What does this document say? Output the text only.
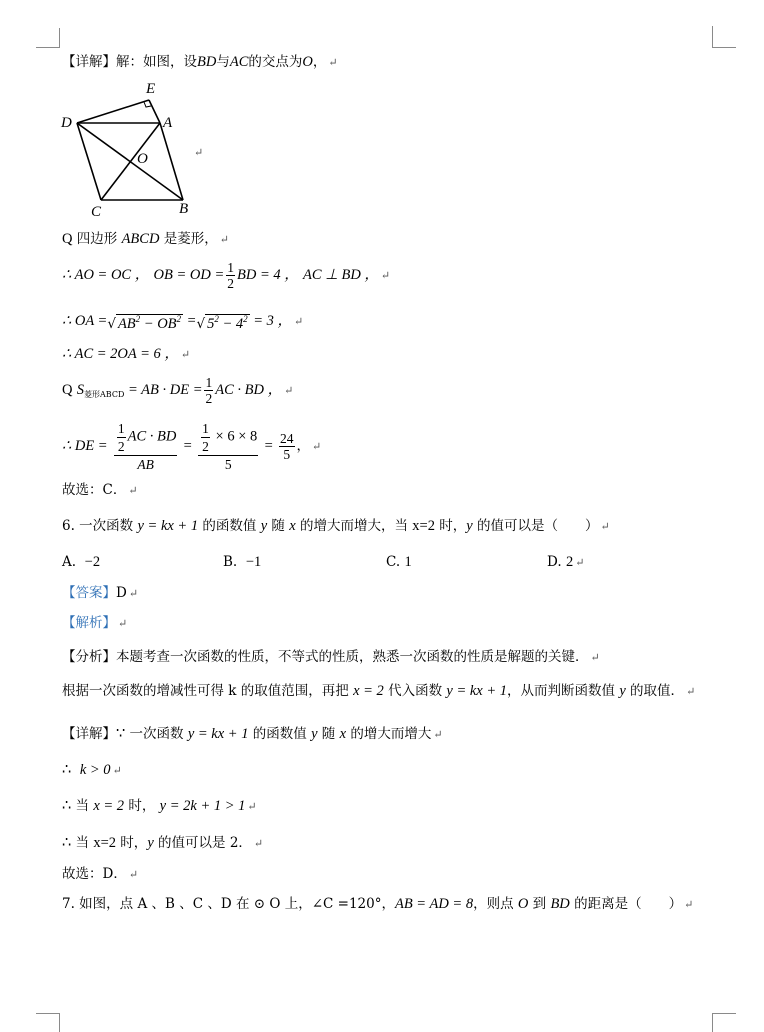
【详解】解：如图，设BD与AC的交点为O， ↵
E
D	A
O
C	B
↵
Q 四边形 ABCD 是菱形， ↵
∴ AO = OC ， OB = OD = $\frac{1}{2}$ BD = 4 ， AC ⊥ BD ， ↵
∴ OA =√ $AB^2 - OB^2$ =√ $5^2 - 4^2 = 3$ ， ↵
∴ AC = 2OA = 6 ， ↵
Q $S_{菱形ABCD}$ = AB · DE = $\frac{1}{2}$ AC · BD ， ↵
∴ DE = $\frac{\frac{1}{2} AC \cdot BD}{AB} = \frac{\frac{1}{2} \times 6 \times 8}{5} = \frac{24}{5}$ ， ↵
故选：C． ↵
6. 一次函数 y = kx + 1 的函数值 y 随 x 的增大而增大，当 x=2 时，y 的值可以是（　　） ↵
A. −2	B. −1	C. 1	D. 2 ↵
【答案】D ↵
【解析】 ↵
【分析】本题考查一次函数的性质，不等式的性质，熟悉一次函数的性质是解题的关键． ↵
根据一次函数的增减性可得 k 的取值范围，再把 x = 2 代入函数 y = kx + 1，从而判断函数值 y 的取值． ↵
【详解】∵ 一次函数 y = kx + 1 的函数值 y 随 x 的增大而增大 ↵
∴ k > 0 ↵
∴ 当 x = 2 时， y = 2k + 1 > 1 ↵
∴ 当 x=2 时，y 的值可以是 2． ↵
故选：D． ↵
7. 如图，点 A 、B 、C 、D 在 ⊙ O 上，∠C =120°，AB = AD = 8，则点 O 到 BD 的距离是（　　） ↵
